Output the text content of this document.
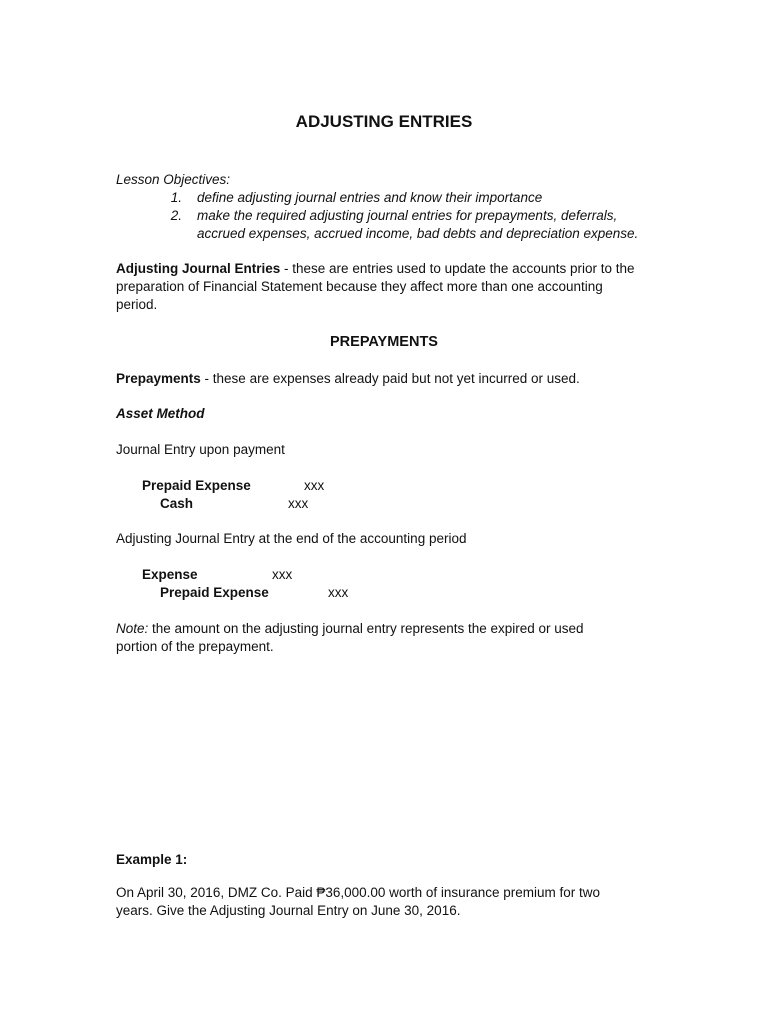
ADJUSTING ENTRIES
Lesson Objectives:
1. define adjusting journal entries and know their importance
2. make the required adjusting journal entries for prepayments, deferrals,
accrued expenses, accrued income, bad debts and depreciation expense.
Adjusting Journal Entries - these are entries used to update the accounts prior to the
preparation of Financial Statement because they affect more than one accounting
period.
PREPAYMENTS
Prepayments - these are expenses already paid but not yet incurred or used.
Asset Method
Journal Entry upon payment
Prepaid Expense	xxx
Cash	xxx
Adjusting Journal Entry at the end of the accounting period
Expense	xxx
Prepaid Expense	xxx
Note: the amount on the adjusting journal entry represents the expired or used
portion of the prepayment.
Example 1:
On April 30, 2016, DMZ Co. Paid ₱36,000.00 worth of insurance premium for two
years. Give the Adjusting Journal Entry on June 30, 2016.
